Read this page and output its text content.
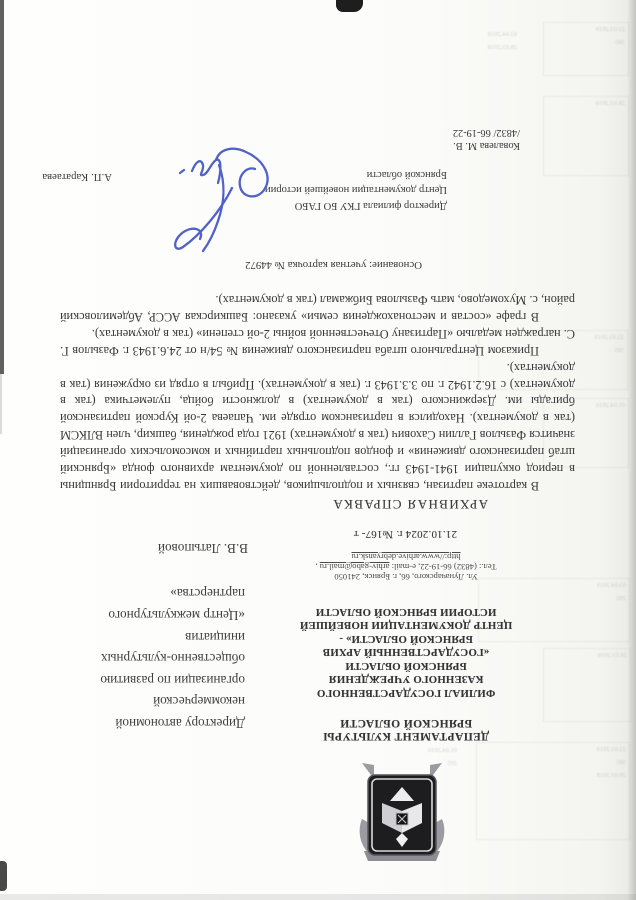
03.04.2019
28.03.2018
22.03.2019
385
28.03.2018
22.03.2019
385
01.04.2016
03.04.2019
295
28.03.2018
22.03.2019
385
28.03.2018
01.04.2016
295
ДЕПАРТАМЕНТ КУЛЬТУРЫ
БРЯНСКОЙ ОБЛАСТИ
ФИЛИАЛ ГОСУДАРСТВЕННОГО
КАЗЕННОГО УЧРЕЖДЕНИЯ
БРЯНСКОЙ ОБЛАСТИ
«ГОСУДАРСТВЕННЫЙ АРХИВ
БРЯНСКОЙ ОБЛАСТИ» -
ЦЕНТР ДОКУМЕНТАЦИИ НОВЕЙШЕЙ
ИСТОРИИ БРЯНСКОЙ ОБЛАСТИ
Ул. Луначарского, 66, г. Брянск, 241050
Тел.: (4832) 66-19-22, e-mail: arhiv-gabo@mail.ru ,
http://www.arhive.debryansk.ru
21.10.2024 г. №167- т
Директору автономной
некоммерческой
организации по развитию
общественно-культурных
инициатив
«Центр межкультурного
партнерства»
В.В. Латыповой
АРХИВНАЯ СПРАВКА

В картотеке партизан, связных и подпольщиков, действовавших на территории Брянщины в период оккупации 1941-1943 гг., составленной по документам архивного фонда «Брянский штаб партизанского движения» и фондов подпольных партийных и комсомольских организаций значится Фазылов Галлин Сахович (так в документах) 1921 года рождения, башкир, член ВЛКСМ (так в документах). Находился в партизанском отряде им. Чапаева 2-ой Курской партизанской бригады им. Дзержинского (так в документах) в должности бойца, пулеметчика (так в документах) с 16.2.1942 г. по 3.3.1943 г. (так в документах). Прибыл в отряд из окружения (так в документах).

Приказом Центрального штаба партизанского движения № 54/н от 24.6.1943 г. Фазылов Г. С. награжден медалью «Партизану Отечественной войны 2-ой степени» (так в документах).

В графе «состав и местонахождения семьи» указано: Башкирская АССР, Абдемиловский район, с. Мухомедово, мать Фазылова Бибжамал (так в документах).

Основание: учетная карточка № 44972
Директор филиала ГКУ БО ГАБО
Центр документации новейшей истории
Брянской области
А.П. Каратаева
Ковалева М. В.
/4832/ 66-19-22
